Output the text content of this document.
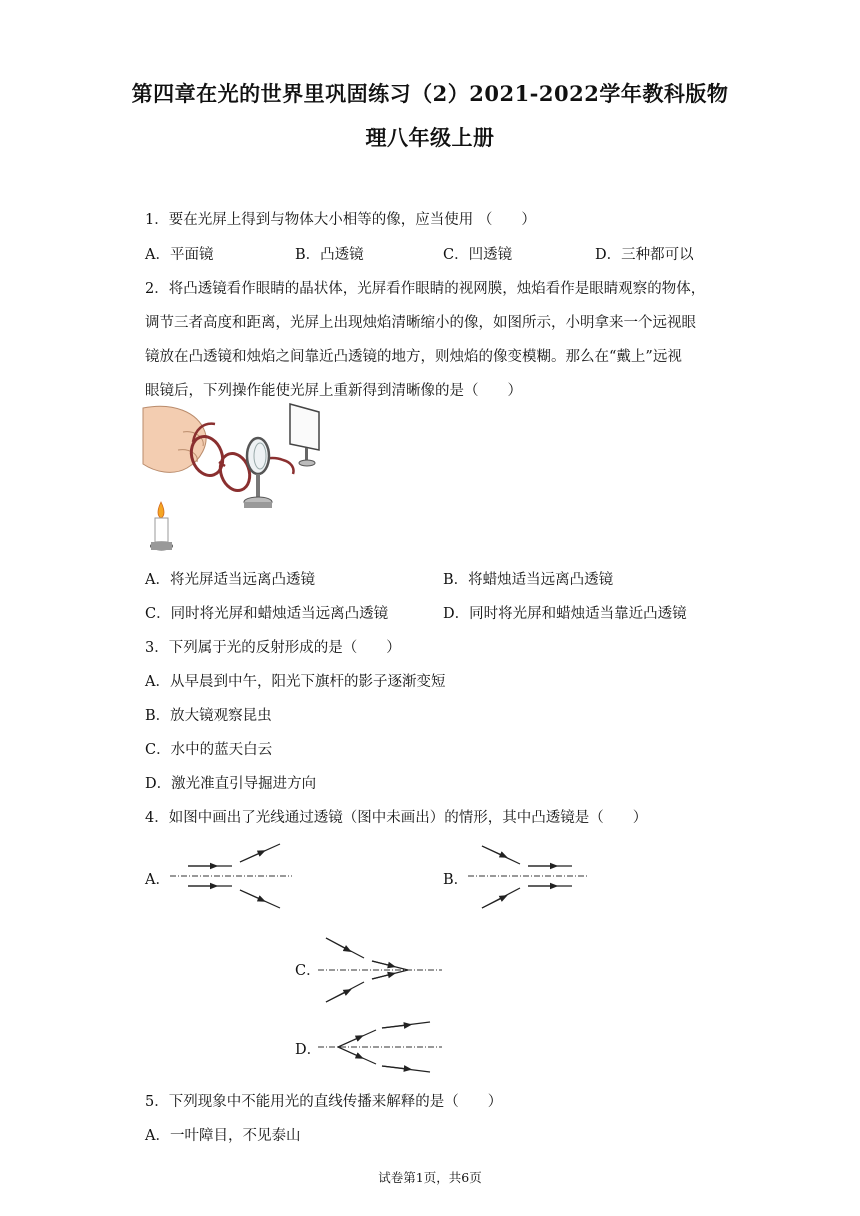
第四章在光的世界里巩固练习（2）2021-2022学年教科版物
理八年级上册
1．要在光屏上得到与物体大小相等的像，应当使用 （　　）
A．平面镜	B．凸透镜	C．凹透镜	D．三种都可以
2．将凸透镜看作眼睛的晶状体，光屏看作眼睛的视网膜，烛焰看作是眼睛观察的物体，
调节三者高度和距离，光屏上出现烛焰清晰缩小的像，如图所示，小明拿来一个远视眼
镜放在凸透镜和烛焰之间靠近凸透镜的地方，则烛焰的像变模糊。那么在“戴上”远视
眼镜后，下列操作能使光屏上重新得到清晰像的是（　　）
A．将光屏适当远离凸透镜	B．将蜡烛适当远离凸透镜
C．同时将光屏和蜡烛适当远离凸透镜	D．同时将光屏和蜡烛适当靠近凸透镜
3．下列属于光的反射形成的是（　　）
A．从早晨到中午，阳光下旗杆的影子逐渐变短
B．放大镜观察昆虫
C．水中的蓝天白云
D．激光准直引导掘进方向
4．如图中画出了光线通过透镜（图中未画出）的情形，其中凸透镜是（　　）
A．	B．
C．
D．
5．下列现象中不能用光的直线传播来解释的是（　　）
A．一叶障目，不见泰山
试卷第1页，共6页
